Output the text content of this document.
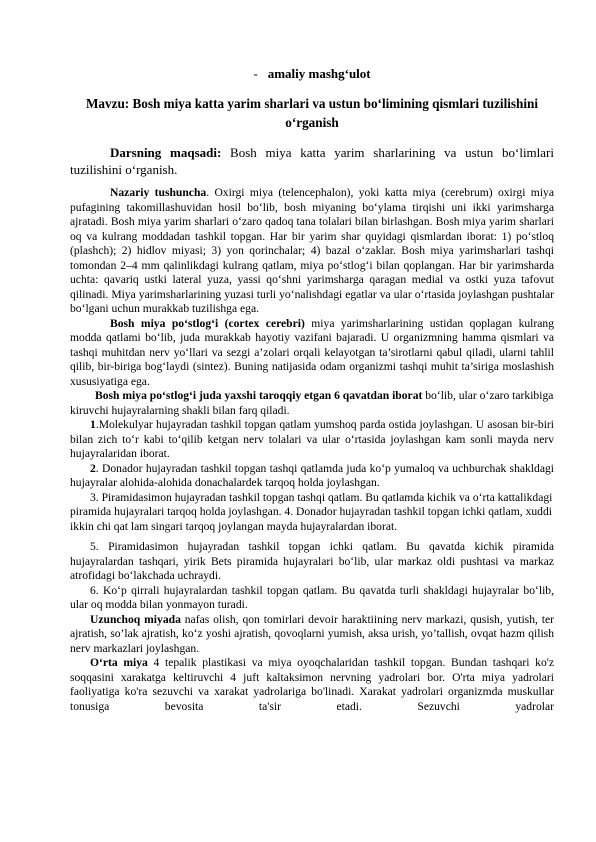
- amaliy mashg‘ulot
Mavzu: Bosh miya katta yarim sharlari va ustun bo‘limining qismlari tuzilishini o‘rganish
Darsning maqsadi: Bosh miya katta yarim sharlarining va ustun bo‘limlari tuzilishini o‘rganish.

Nazariy tushuncha. Oxirgi miya (telencephalon), yoki katta miya (cerebrum) oxirgi miya pufagining takomillashuvidan hosil bo‘lib, bosh miyaning bo‘ylama tirqishi uni ikki yarimsharga ajratadi. Bosh miya yarim sharlari o‘zaro qadoq tana tolalari bilan birlashgan. Bosh miya yarim sharlari oq va kulrang moddadan tashkil topgan. Har bir yarim shar quyidagi qismlardan iborat: 1) po‘stloq (plashch); 2) hidlov miyasi; 3) yon qorinchalar; 4) bazal o‘zaklar. Bosh miya yarimsharlari tashqi tomondan 2–4 mm qalinlikdagi kulrang qatlam, miya po‘stlog‘i bilan qoplangan. Har bir yarimsharda uchta: qavariq ustki lateral yuza, yassi qo‘shni yarimsharga qaragan medial va ostki yuza tafovut qilinadi. Miya yarimsharlarining yuzasi turli yo‘nalishdagi egatlar va ular o‘rtasida joylashgan pushtalar bo‘lgani uchun murakkab tuzilishga ega.

Bosh miya po‘stlog‘i (cortex cerebri) miya yarimsharlarining ustidan qoplagan kulrang modda qatlami bo‘lib, juda murakkab hayotiy vazifani bajaradi. U organizmning hamma qismlari va tashqi muhitdan nerv yo‘llari va sezgi a’zolari orqali kelayotgan ta’sirotlarni qabul qiladi, ularni tahlil qilib, bir-biriga bog‘laydi (sintez). Buning natijasida odam organizmi tashqi muhit ta’siriga moslashish xususiyatiga ega.

Bosh miya po‘stlog‘i juda yaxshi taroqqiy etgan 6 qavatdan iborat bo‘lib, ular o‘zaro tarkibiga kiruvchi hujayralarning shakli bilan farq qiladi.

1.Molekulyar hujayradan tashkil topgan qatlam yumshoq parda ostida joylashgan. U asosan bir-biri bilan zich to‘r kabi to‘qilib ketgan nerv tolalari va ular o‘rtasida joylashgan kam sonli mayda nerv hujayralaridan iborat.

2. Donador hujayradan tashkil topgan tashqi qatlamda juda ko‘p yumaloq va uchburchak shakldagi hujayralar alohida-alohida donachalardek tarqoq holda joylashgan.

3. Piramidasimon hujayradan tashkil topgan tashqi qatlam. Bu qatlamda kichik va o‘rta kattalikdagi piramida hujayralari tarqoq holda joylashgan. 4. Donador hujayradan tashkil topgan ichki qatlam, xuddi ikkin chi qat lam singari tarqoq joylangan mayda hujayralardan iborat.

5. Piramidasimon hujayradan tashkil topgan ichki qatlam. Bu qavatda kichik piramida hujayralardan tashqari, yirik Bets piramida hujayralari bo‘lib, ular markaz oldi pushtasi va markaz atrofidagi bo‘lakchada uchraydi.

6. Ko‘p qirrali hujayralardan tashkil topgan qatlam. Bu qavatda turli shakldagi hujayralar bo‘lib, ular oq modda bilan yonmayon turadi.

Uzunchoq miyada nafas olish, qon tomirlari devoir haraktiining nerv markazi, qusish, yutish, ter ajratish, so’lak ajratish, ko‘z yoshi ajratish, qovoqlarni yumish, aksa urish, yo’tallish, ovqat hazm qilish nerv markazlari joylashgan.

O‘rta miya 4 tepalik plastikasi va miya oyoqchalaridan tashkil topgan. Bundan tashqari ko'z soqqasini xarakatga keltiruvchi 4 juft kaltaksimon nervning yadrolari bor. O'rta miya yadrolari faoliyatiga ko'ra sezuvchi va xarakat yadrolariga bo'linadi. Xarakat yadrolari organizmda muskullar tonusiga bevosita ta'sir etadi. Sezuvchi yadrolar
